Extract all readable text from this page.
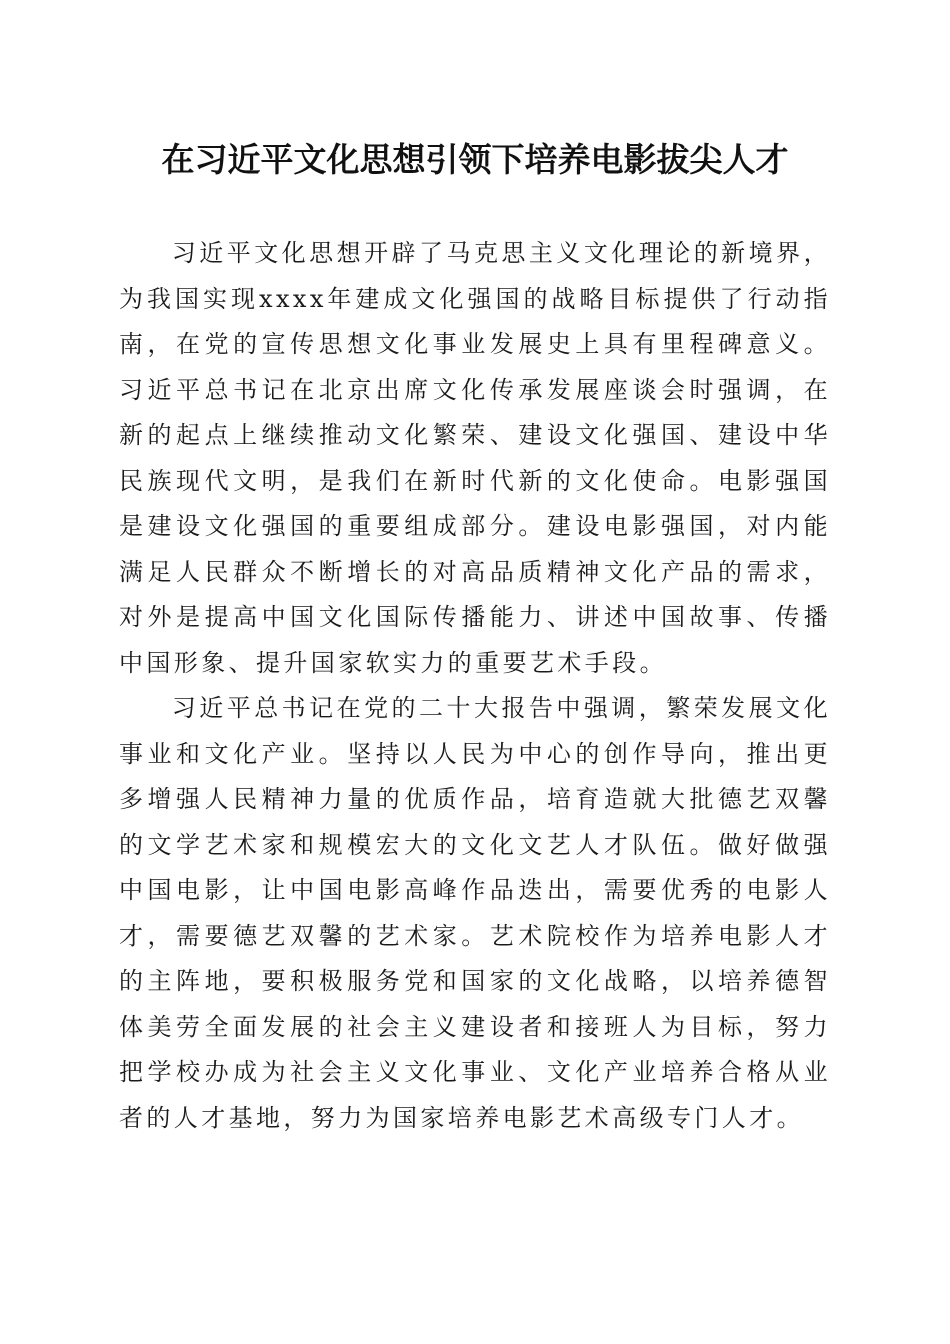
在习近平文化思想引领下培养电影拔尖人才

习近平文化思想开辟了马克思主义文化理论的新境界，为我国实现xxxx年建成文化强国的战略目标提供了行动指南，在党的宣传思想文化事业发展史上具有里程碑意义。习近平总书记在北京出席文化传承发展座谈会时强调，在新的起点上继续推动文化繁荣、建设文化强国、建设中华民族现代文明，是我们在新时代新的文化使命。电影强国是建设文化强国的重要组成部分。建设电影强国，对内能满足人民群众不断增长的对高品质精神文化产品的需求，对外是提高中国文化国际传播能力、讲述中国故事、传播中国形象、提升国家软实力的重要艺术手段。

习近平总书记在党的二十大报告中强调，繁荣发展文化事业和文化产业。坚持以人民为中心的创作导向，推出更多增强人民精神力量的优质作品，培育造就大批德艺双馨的文学艺术家和规模宏大的文化文艺人才队伍。做好做强中国电影，让中国电影高峰作品迭出，需要优秀的电影人才，需要德艺双馨的艺术家。艺术院校作为培养电影人才的主阵地，要积极服务党和国家的文化战略，以培养德智体美劳全面发展的社会主义建设者和接班人为目标，努力把学校办成为社会主义文化事业、文化产业培养合格从业者的人才基地，努力为国家培养电影艺术高级专门人才。
